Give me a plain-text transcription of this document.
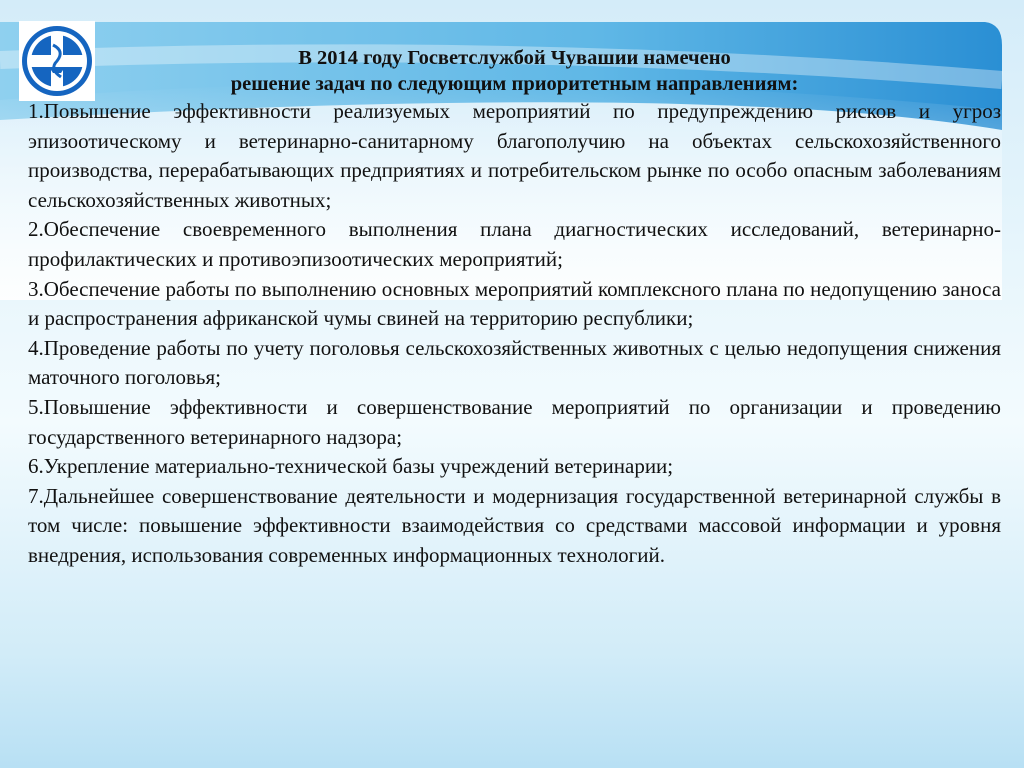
В 2014 году Госветслужбой Чувашии намечено
решение задач по следующим приоритетным направлениям:

1.Повышение эффективности реализуемых мероприятий по предупреждению рисков и угроз эпизоотическому и ветеринарно-санитарному благополучию на объектах сельскохозяйственного производства, перерабатывающих предприятиях и потребительском рынке по особо опасным заболеваниям сельскохозяйственных животных;

2.Обеспечение своевременного выполнения плана диагностических исследований, ветеринарно-профилактических и противоэпизоотических мероприятий;

3.Обеспечение работы по выполнению основных мероприятий комплексного плана по недопущению заноса и распространения африканской чумы свиней на территорию республики;

4.Проведение работы по учету поголовья сельскохозяйственных животных с целью недопущения снижения маточного поголовья;

5.Повышение эффективности и совершенствование мероприятий по организации и проведению государственного ветеринарного надзора;

6.Укрепление материально-технической базы учреждений ветеринарии;

7.Дальнейшее совершенствование деятельности и модернизация государственной ветеринарной службы в том числе: повышение эффективности взаимодействия со средствами массовой информации и уровня внедрения, использования современных информационных технологий.
